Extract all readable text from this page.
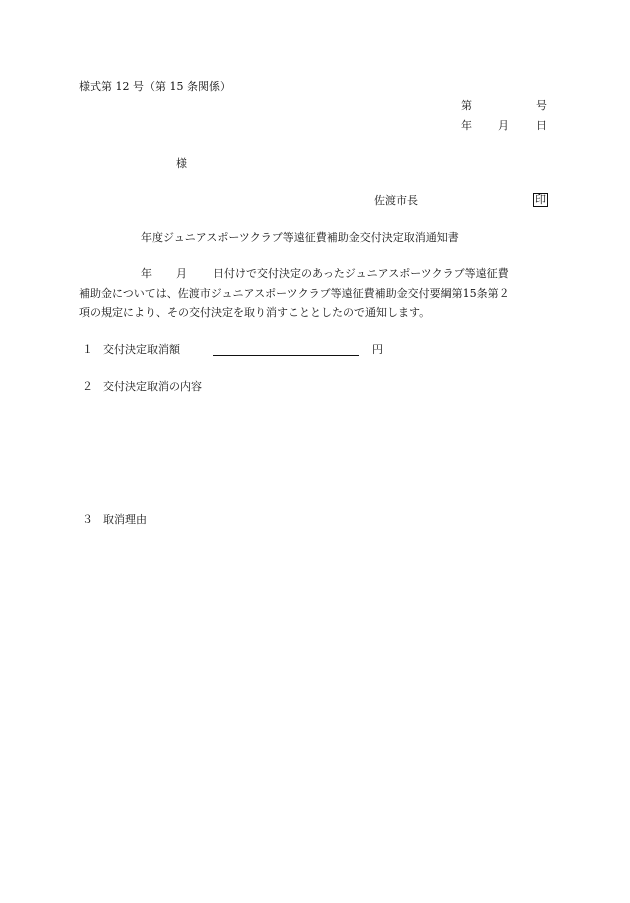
様式第 12 号（第 15 条関係）
第	号
年 月 日
様
佐渡市長	印
年度ジュニアスポーツクラブ等遠征費補助金交付決定取消通知書
年 月 日付けで交付決定のあったジュニアスポーツクラブ等遠征費
補助金については、佐渡市ジュニアスポーツクラブ等遠征費補助金交付要綱第15条第２
項の規定により、その交付決定を取り消すこととしたので通知します。
１ 交付決定取消額	円
２ 交付決定取消の内容
３ 取消理由
